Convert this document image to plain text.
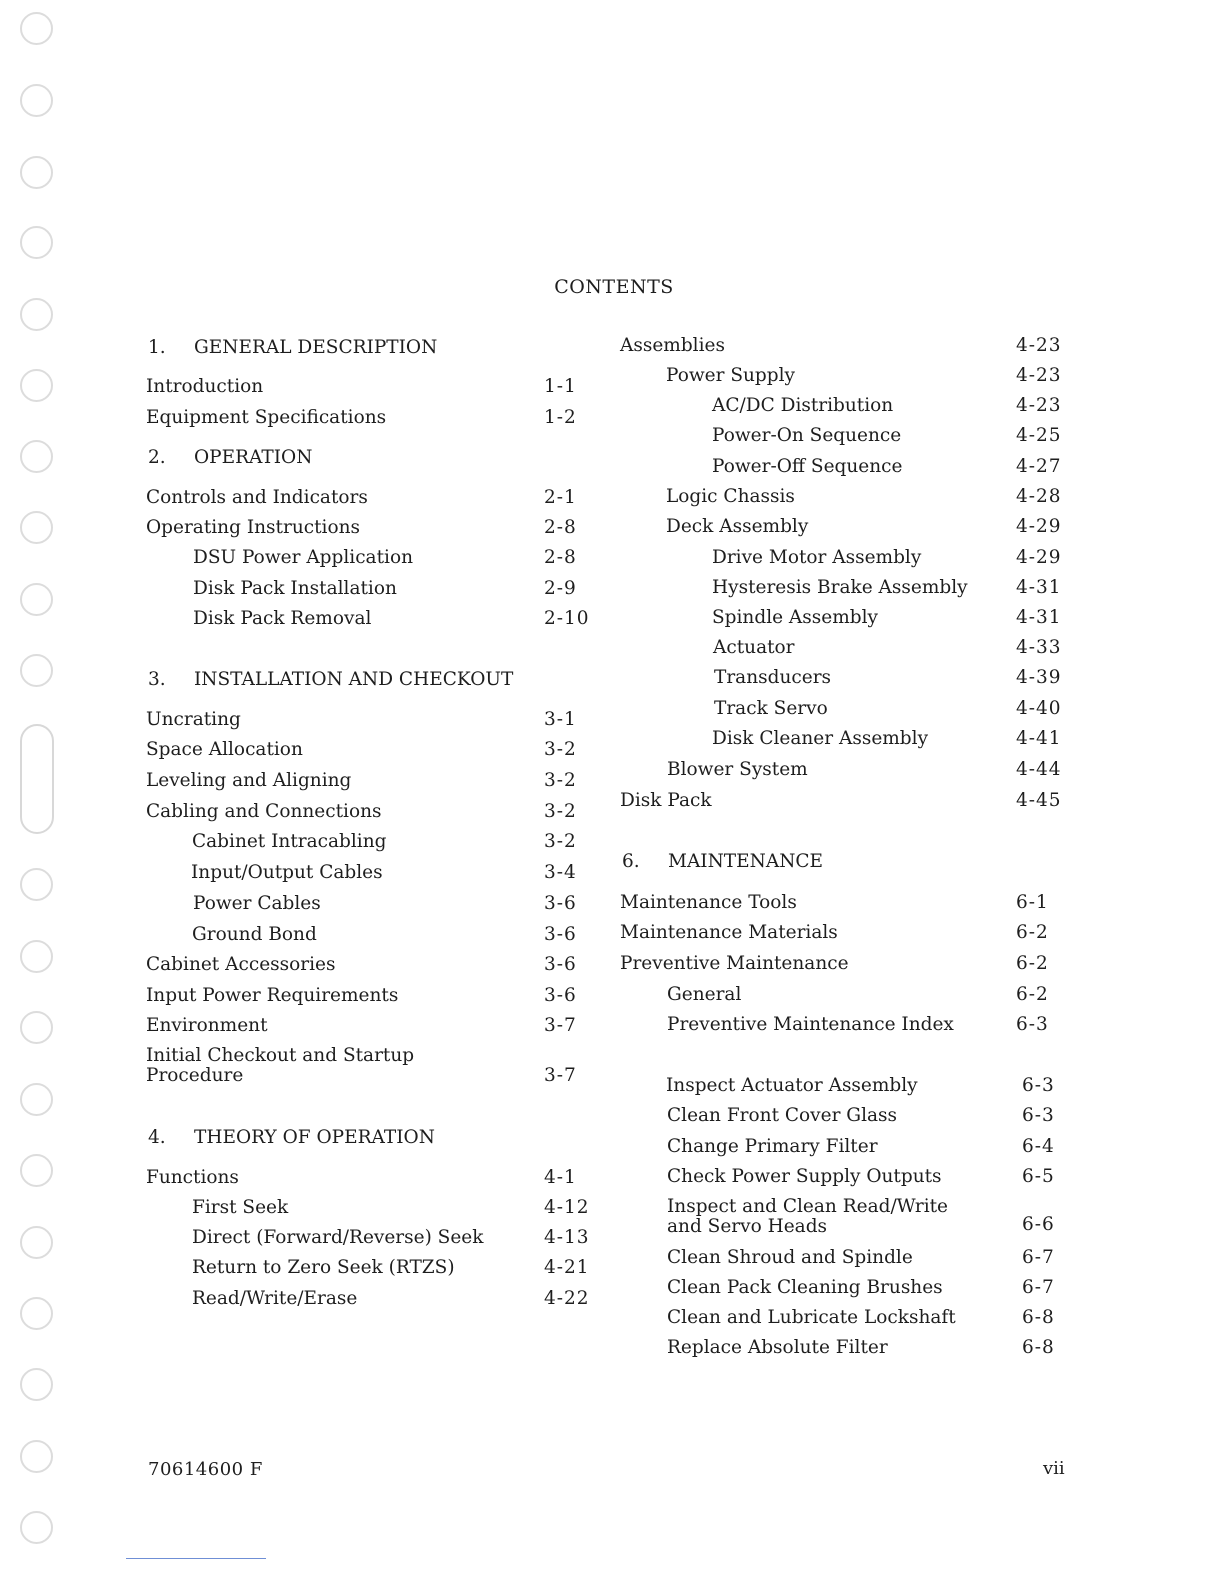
CONTENTS
1. GENERAL DESCRIPTION
Introduction	1-1
Equipment Specifications	1-2
2. OPERATION
Controls and Indicators	2-1
Operating Instructions	2-8
DSU Power Application	2-8
Disk Pack Installation	2-9
Disk Pack Removal	2-10
3. INSTALLATION AND CHECKOUT
Uncrating	3-1
Space Allocation	3-2
Leveling and Aligning	3-2
Cabling and Connections	3-2
Cabinet Intracabling	3-2
Input/Output Cables	3-4
Power Cables	3-6
Ground Bond	3-6
Cabinet Accessories	3-6
Input Power Requirements	3-6
Environment	3-7
Initial Checkout and Startup Procedure	3-7
4. THEORY OF OPERATION
Functions	4-1
First Seek	4-12
Direct (Forward/Reverse) Seek	4-13
Return to Zero Seek (RTZS)	4-21
Read/Write/Erase	4-22
Assemblies	4-23
Power Supply	4-23
AC/DC Distribution	4-23
Power-On Sequence	4-25
Power-Off Sequence	4-27
Logic Chassis	4-28
Deck Assembly	4-29
Drive Motor Assembly	4-29
Hysteresis Brake Assembly	4-31
Spindle Assembly	4-31
Actuator	4-33
Transducers	4-39
Track Servo	4-40
Disk Cleaner Assembly	4-41
Blower System	4-44
Disk Pack	4-45
6. MAINTENANCE
Maintenance Tools	6-1
Maintenance Materials	6-2
Preventive Maintenance	6-2
General	6-2
Preventive Maintenance Index	6-3
Inspect Actuator Assembly	6-3
Clean Front Cover Glass	6-3
Change Primary Filter	6-4
Check Power Supply Outputs	6-5
Inspect and Clean Read/Write and Servo Heads	6-6
Clean Shroud and Spindle	6-7
Clean Pack Cleaning Brushes	6-7
Clean and Lubricate Lockshaft	6-8
Replace Absolute Filter	6-8
70614600 F	vii
